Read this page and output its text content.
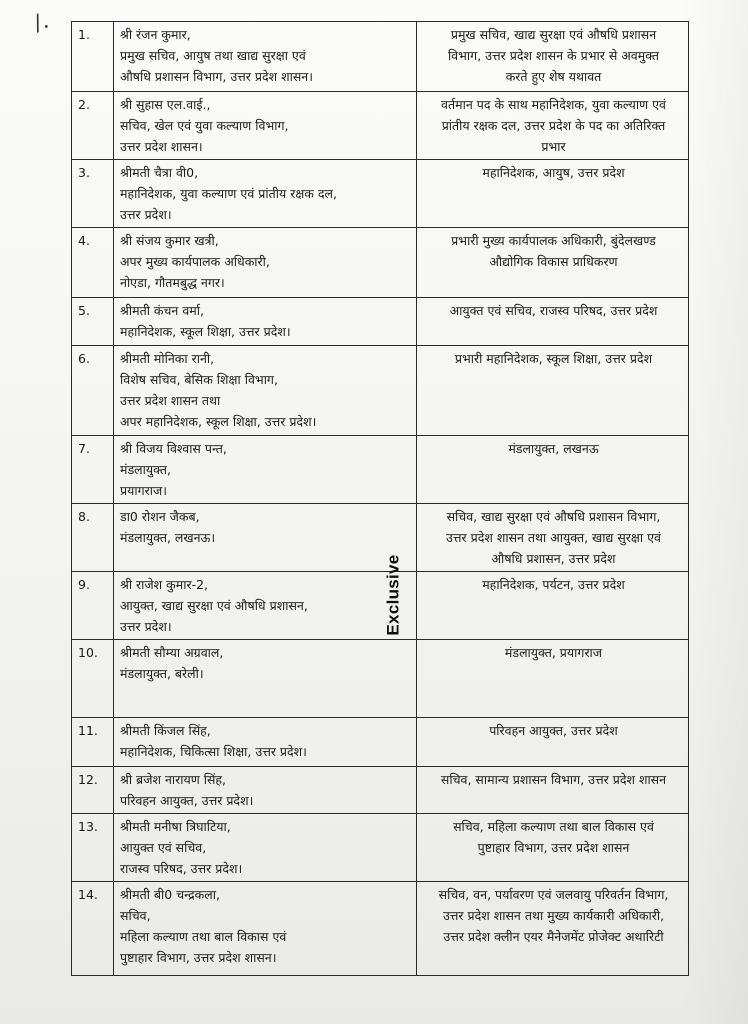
/. 1.	श्री रंजन कुमार,
प्रमुख सचिव, आयुष तथा खाद्य सुरक्षा एवं
औषधि प्रशासन विभाग, उत्तर प्रदेश शासन।	प्रमुख सचिव, खाद्य सुरक्षा एवं औषधि प्रशासन
विभाग, उत्तर प्रदेश शासन के प्रभार से अवमुक्त
करते हुए शेष यथावत

2.	श्री सुहास एल.वाई.,
सचिव, खेल एवं युवा कल्याण विभाग,
उत्तर प्रदेश शासन।	वर्तमान पद के साथ महानिदेशक, युवा कल्याण एवं
प्रांतीय रक्षक दल, उत्तर प्रदेश के पद का अतिरिक्त
प्रभार

3.	श्रीमती चैत्रा वी0,
महानिदेशक, युवा कल्याण एवं प्रांतीय रक्षक दल,
उत्तर प्रदेश।	महानिदेशक, आयुष, उत्तर प्रदेश

4.	श्री संजय कुमार खत्री,
अपर मुख्य कार्यपालक अधिकारी,
नोएडा, गौतमबुद्ध नगर।	प्रभारी मुख्य कार्यपालक अधिकारी, बुंदेलखण्ड
औद्योगिक विकास प्राधिकरण

5.	श्रीमती कंचन वर्मा,
महानिदेशक, स्कूल शिक्षा, उत्तर प्रदेश।	आयुक्त एवं सचिव, राजस्व परिषद, उत्तर प्रदेश

6.	श्रीमती मोनिका रानी,
विशेष सचिव, बेसिक शिक्षा विभाग,
उत्तर प्रदेश शासन तथा
अपर महानिदेशक, स्कूल शिक्षा, उत्तर प्रदेश।	प्रभारी महानिदेशक, स्कूल शिक्षा, उत्तर प्रदेश

7.	श्री विजय विश्वास पन्त,
मंडलायुक्त,
प्रयागराज।	मंडलायुक्त, लखनऊ

8.	डा0 रोशन जैकब,
मंडलायुक्त, लखनऊ।	सचिव, खाद्य सुरक्षा एवं औषधि प्रशासन विभाग,
उत्तर प्रदेश शासन तथा आयुक्त, खाद्य सुरक्षा एवं
औषधि प्रशासन, उत्तर प्रदेश

9.	श्री राजेश कुमार-2,
आयुक्त, खाद्य सुरक्षा एवं औषधि प्रशासन,
उत्तर प्रदेश।	महानिदेशक, पर्यटन, उत्तर प्रदेश

10.	श्रीमती सौम्या अग्रवाल,
मंडलायुक्त, बरेली।	मंडलायुक्त, प्रयागराज

11.	श्रीमती किंजल सिंह,
महानिदेशक, चिकित्सा शिक्षा, उत्तर प्रदेश।	परिवहन आयुक्त, उत्तर प्रदेश

12.	श्री ब्रजेश नारायण सिंह,
परिवहन आयुक्त, उत्तर प्रदेश।	सचिव, सामान्य प्रशासन विभाग, उत्तर प्रदेश शासन

13.	श्रीमती मनीषा त्रिघाटिया,
आयुक्त एवं सचिव,
राजस्व परिषद, उत्तर प्रदेश।	सचिव, महिला कल्याण तथा बाल विकास एवं
पुष्टाहार विभाग, उत्तर प्रदेश शासन

14.	श्रीमती बी0 चन्द्रकला,
सचिव,
महिला कल्याण तथा बाल विकास एवं
पुष्टाहार विभाग, उत्तर प्रदेश शासन।	सचिव, वन, पर्यावरण एवं जलवायु परिवर्तन विभाग,
उत्तर प्रदेश शासन तथा मुख्य कार्यकारी अधिकारी,
उत्तर प्रदेश क्लीन एयर मैनेजमेंट प्रोजेक्ट अथारिटी
Exclusive
